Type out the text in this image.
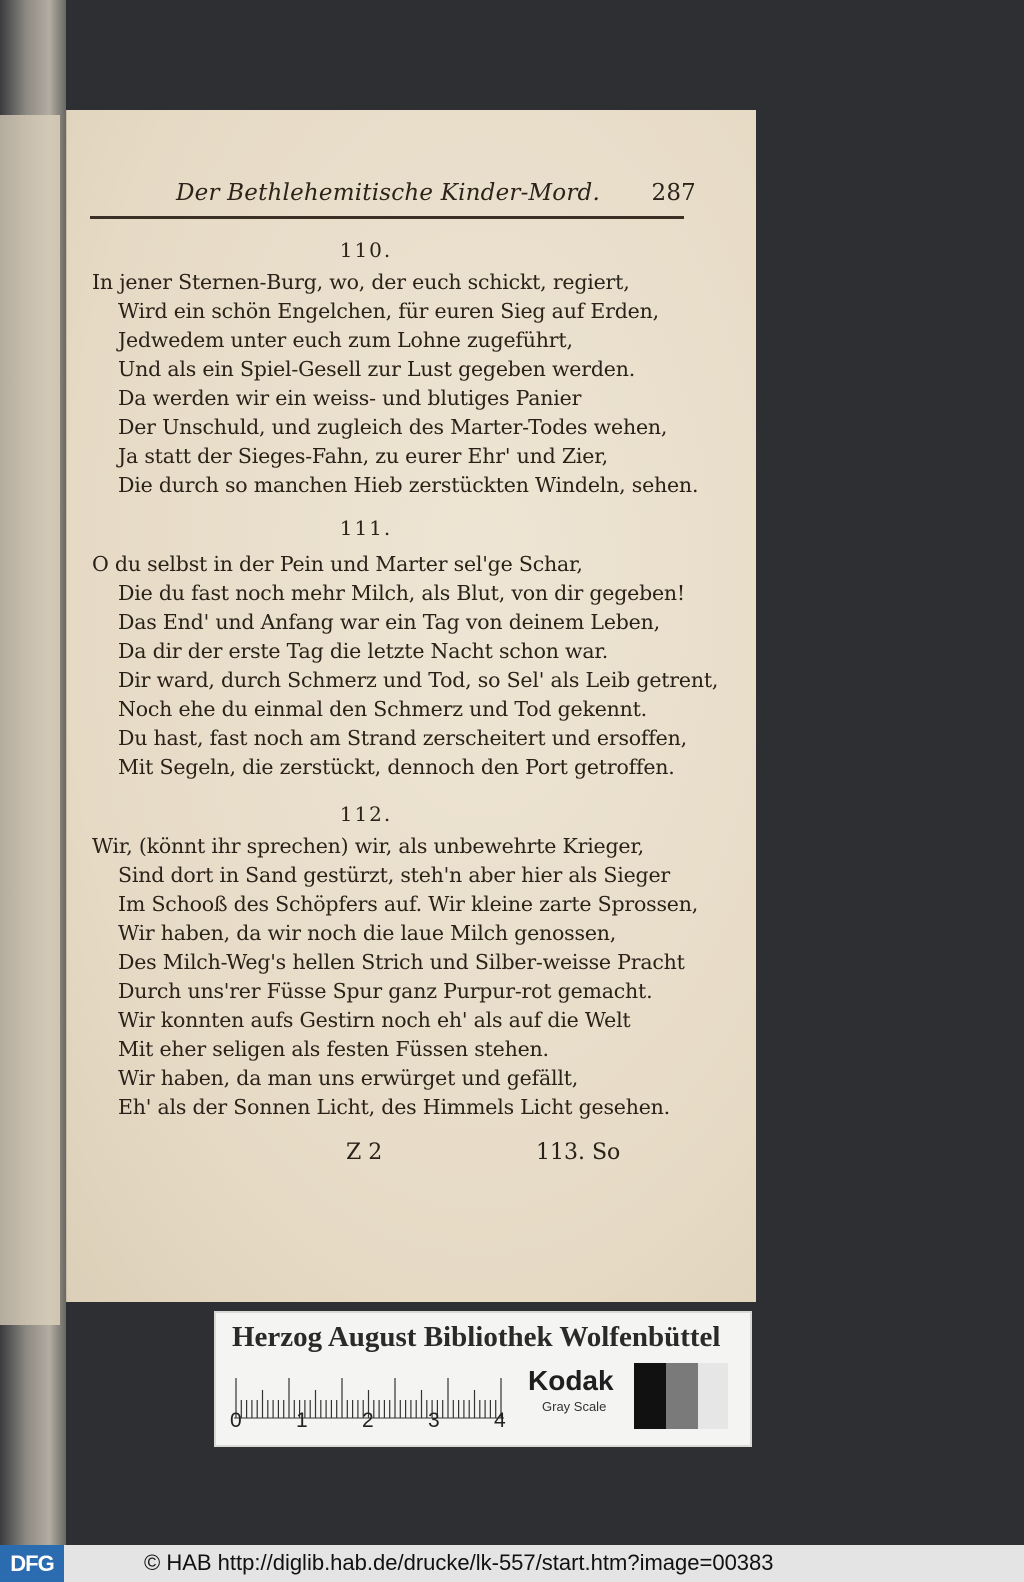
Der Bethlehemitische Kinder-Mord. 287
110.
In jener Sternen-Burg, wo, der euch schickt, regiert,
Wird ein schön Engelchen, für euren Sieg auf Erden,
Jedwedem unter euch zum Lohne zugeführt,
Und als ein Spiel-Gesell zur Lust gegeben werden.
Da werden wir ein weiss- und blutiges Panier
Der Unschuld, und zugleich des Marter-Todes wehen,
Ja statt der Sieges-Fahn, zu eurer Ehr' und Zier,
Die durch so manchen Hieb zerstückten Windeln, sehen.
111.
O du selbst in der Pein und Marter sel'ge Schar,
Die du fast noch mehr Milch, als Blut, von dir gegeben!
Das End' und Anfang war ein Tag von deinem Leben,
Da dir der erste Tag die letzte Nacht schon war.
Dir ward, durch Schmerz und Tod, so Sel' als Leib getrent,
Noch ehe du einmal den Schmerz und Tod gekennt.
Du hast, fast noch am Strand zerscheitert und ersoffen,
Mit Segeln, die zerstückt, dennoch den Port getroffen.
112.
Wir, (könnt ihr sprechen) wir, als unbewehrte Krieger,
Sind dort in Sand gestürzt, steh'n aber hier als Sieger
Im Schooß des Schöpfers auf. Wir kleine zarte Sprossen,
Wir haben, da wir noch die laue Milch genossen,
Des Milch-Weg's hellen Strich und Silber-weisse Pracht
Durch uns'rer Füsse Spur ganz Purpur-rot gemacht.
Wir konnten aufs Gestirn noch eh' als auf die Welt
Mit eher seligen als festen Füssen stehen.
Wir haben, da man uns erwürget und gefällt,
Eh' als der Sonnen Licht, des Himmels Licht gesehen.
Z 2	113. So
Herzog August Bibliothek Wolfenbüttel
0	1	2	3	4
Kodak
Gray Scale
DFG	© HAB http://diglib.hab.de/drucke/lk-557/start.htm?image=00383
